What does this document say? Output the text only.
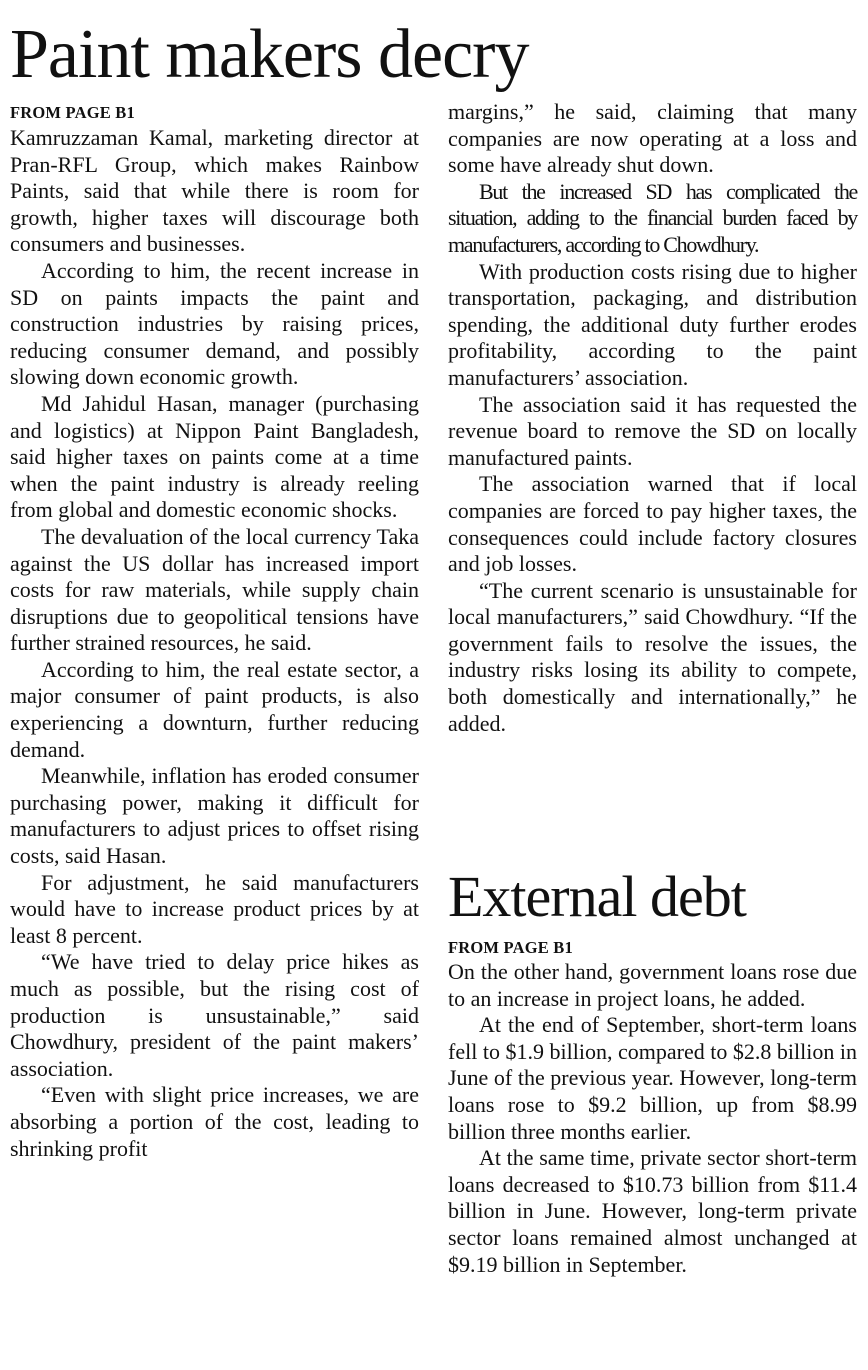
Paint makers decry
FROM PAGE B1

Kamruzzaman Kamal, marketing director at Pran-RFL Group, which makes Rainbow Paints, said that while there is room for growth, higher taxes will discourage both consumers and businesses.

According to him, the recent increase in SD on paints impacts the paint and construction industries by raising prices, reducing consumer demand, and possibly slowing down economic growth.

Md Jahidul Hasan, manager (purchasing and logistics) at Nippon Paint Bangladesh, said higher taxes on paints come at a time when the paint industry is already reeling from global and domestic economic shocks.

The devaluation of the local currency Taka against the US dollar has increased import costs for raw materials, while supply chain disruptions due to geopolitical tensions have further strained resources, he said.

According to him, the real estate sector, a major consumer of paint products, is also experiencing a downturn, further reducing demand.

Meanwhile, inflation has eroded consumer purchasing power, making it difficult for manufacturers to adjust prices to offset rising costs, said Hasan.

For adjustment, he said manufacturers would have to increase product prices by at least 8 percent.

“We have tried to delay price hikes as much as possible, but the rising cost of production is unsustainable,” said Chowdhury, president of the paint makers’ association.

“Even with slight price increases, we are absorbing a portion of the cost, leading to shrinking profit

margins,” he said, claiming that many companies are now operating at a loss and some have already shut down.

But the increased SD has complicated the situation, adding to the financial burden faced by manufacturers, according to Chowdhury.

With production costs rising due to higher transportation, packaging, and distribution spending, the additional duty further erodes profitability, according to the paint manufacturers’ association.

The association said it has requested the revenue board to remove the SD on locally manufactured paints.

The association warned that if local companies are forced to pay higher taxes, the consequences could include factory closures and job losses.

“The current scenario is unsustainable for local manufacturers,” said Chowdhury. “If the government fails to resolve the issues, the industry risks losing its ability to compete, both domestically and internationally,” he added.

External debt
FROM PAGE B1

On the other hand, government loans rose due to an increase in project loans, he added.

At the end of September, short-term loans fell to $1.9 billion, compared to $2.8 billion in June of the previous year. However, long-term loans rose to $9.2 billion, up from $8.99 billion three months earlier.

At the same time, private sector short-term loans decreased to $10.73 billion from $11.4 billion in June. However, long-term private sector loans remained almost unchanged at $9.19 billion in September.
